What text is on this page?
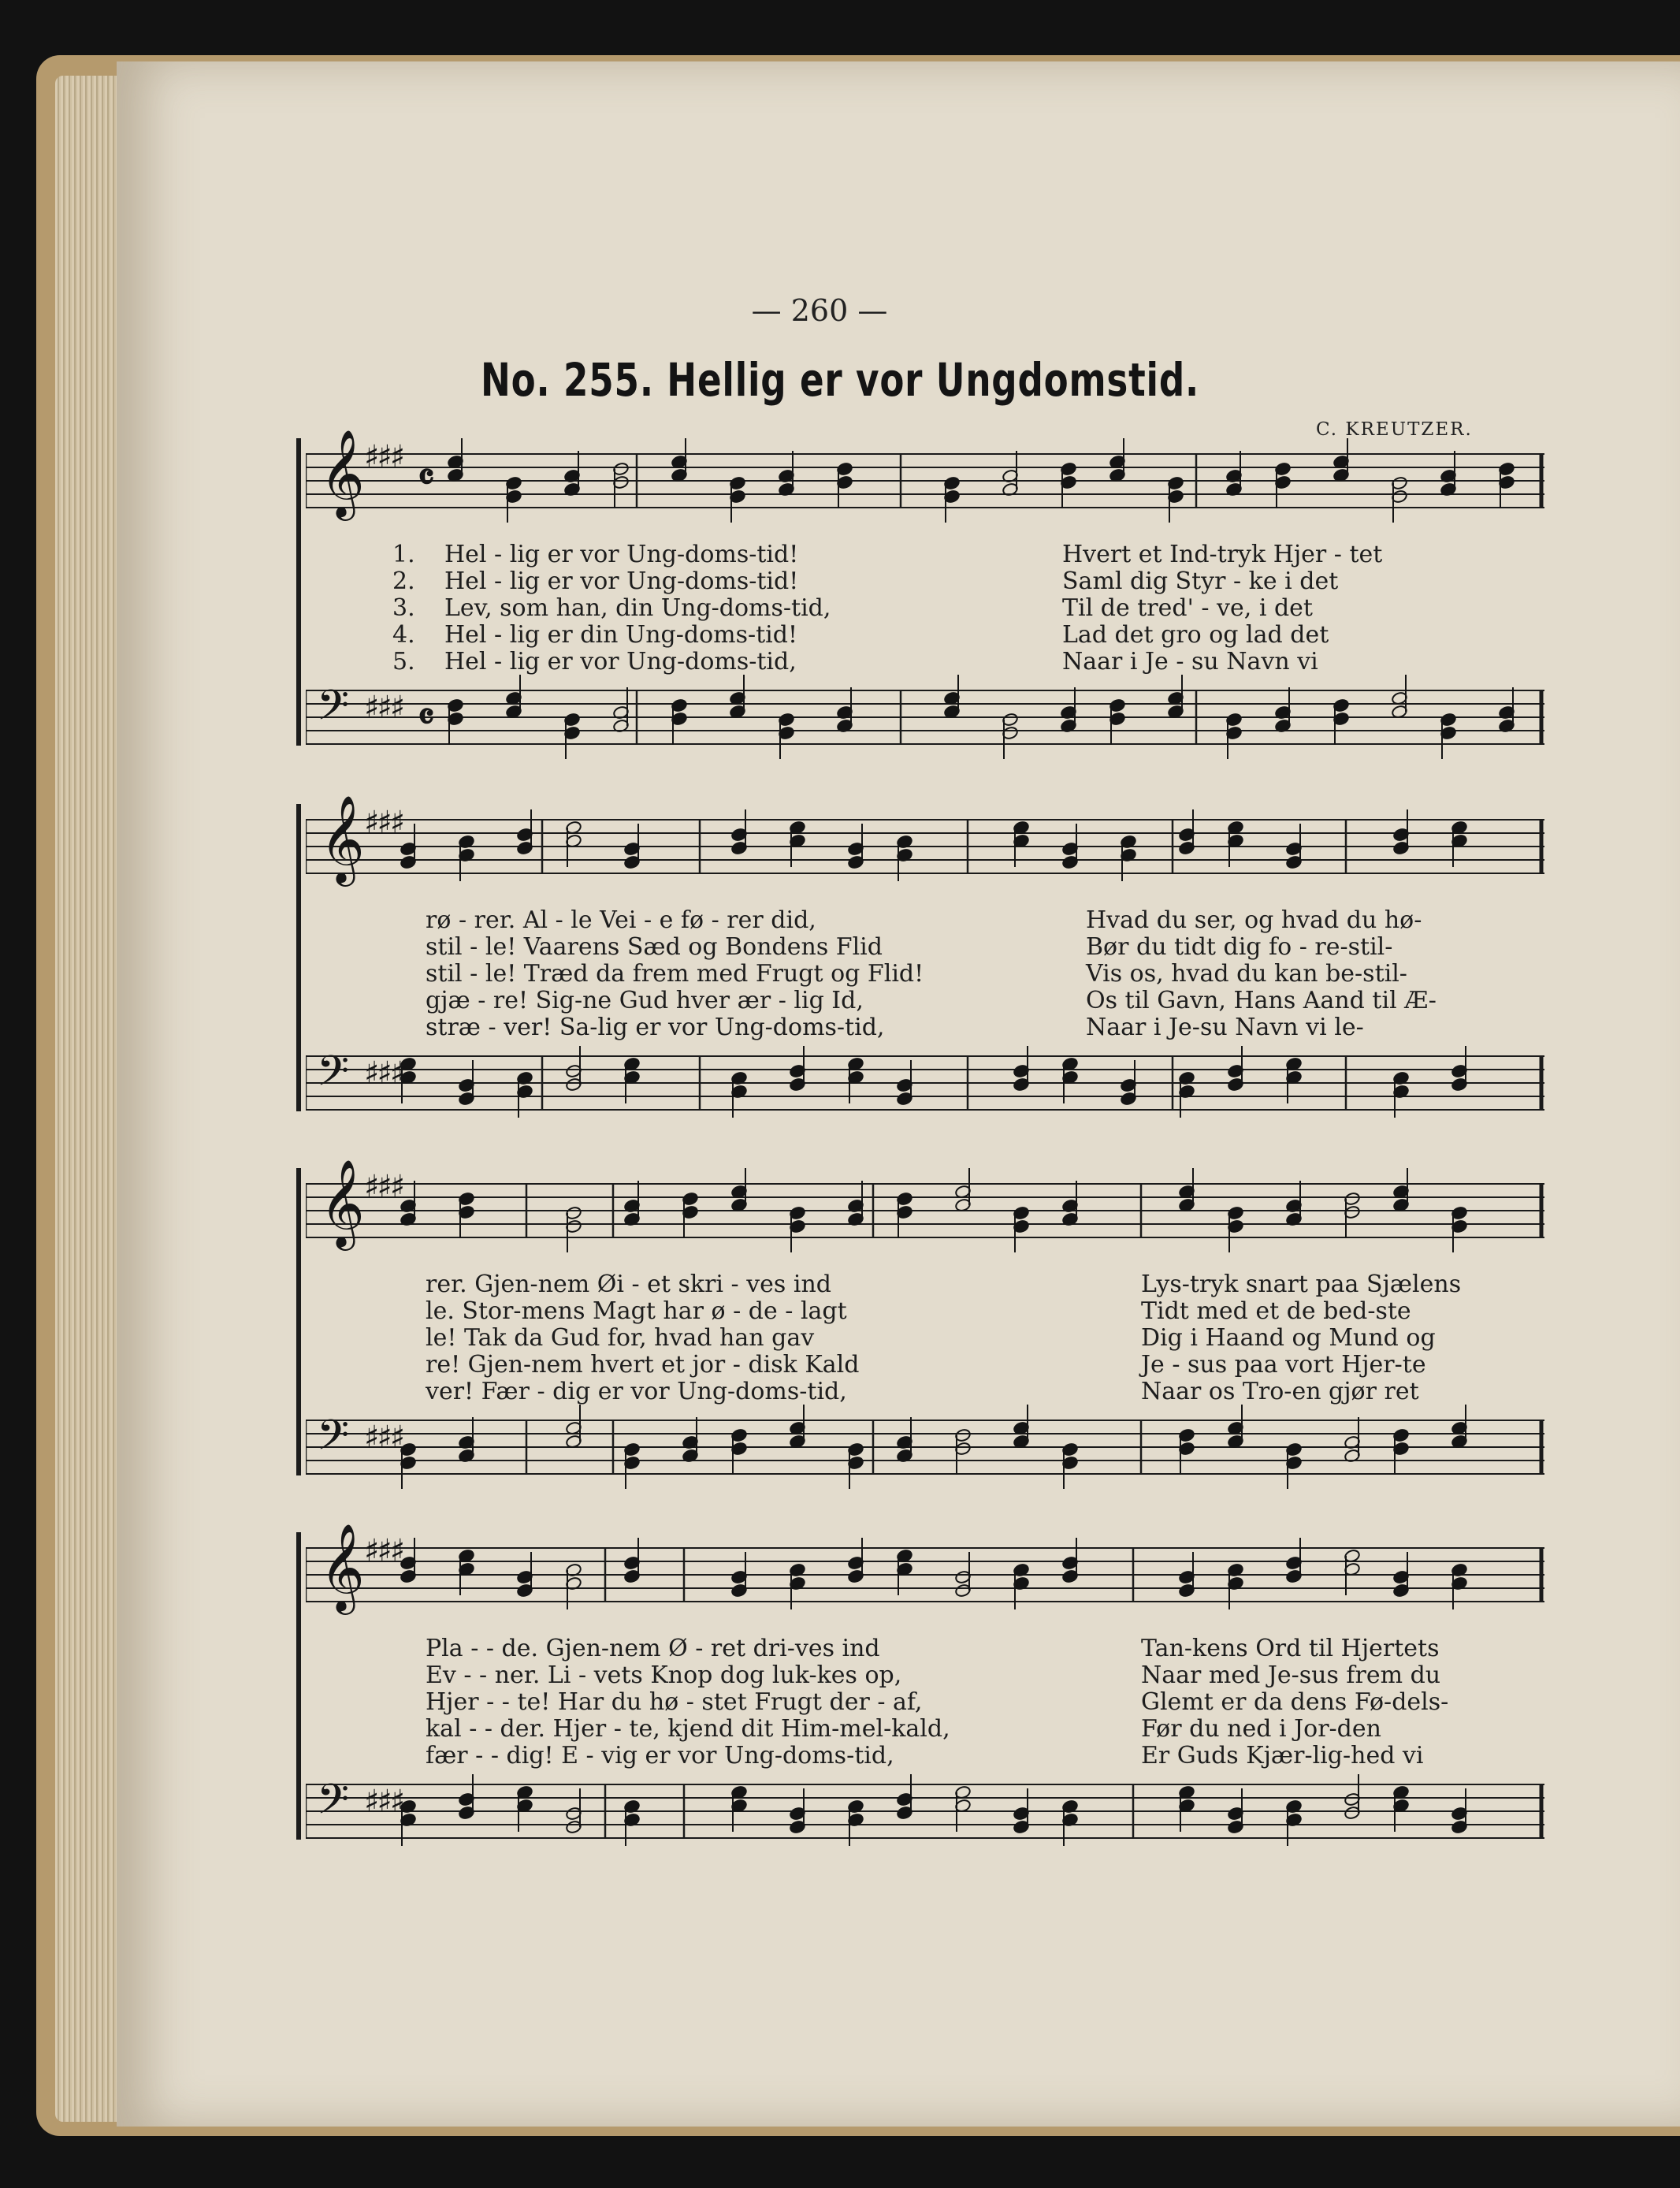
— 260 —
No. 255. Hellig er vor Ungdomstid.
C. KREUTZER.
𝄞 ♯♯♯ 𝄴
𝄢 ♯♯♯ 𝄴
1. Hel - lig er vor Ung-doms-tid!	Hvert et Ind-tryk Hjer - tet
2. Hel - lig er vor Ung-doms-tid!	Saml dig Styr - ke i det
3. Lev, som han, din Ung-doms-tid,	Til de tred' - ve, i det
4. Hel - lig er din Ung-doms-tid!	Lad det gro og lad det
5. Hel - lig er vor Ung-doms-tid,	Naar i Je - su Navn vi
𝄞 ♯♯♯
𝄢 ♯♯♯
rø - rer. Al - le Vei - e fø - rer did,	Hvad du ser, og hvad du hø-
stil - le! Vaarens Sæd og Bondens Flid	Bør du tidt dig fo - re-stil-
stil - le! Træd da frem med Frugt og Flid!	Vis os, hvad du kan be-stil-
gjæ - re! Sig-ne Gud hver ær - lig Id,	Os til Gavn, Hans Aand til Æ-
stræ - ver! Sa-lig er vor Ung-doms-tid,	Naar i Je-su Navn vi le-
𝄞 ♯♯♯
𝄢 ♯♯♯
rer. Gjen-nem Øi - et skri - ves ind	Lys-tryk snart paa Sjælens
le. Stor-mens Magt har ø - de - lagt	Tidt med et de bed-ste
le! Tak da Gud for, hvad han gav	Dig i Haand og Mund og
re! Gjen-nem hvert et jor - disk Kald	Je - sus paa vort Hjer-te
ver! Fær - dig er vor Ung-doms-tid,	Naar os Tro-en gjør ret
𝄞 ♯♯♯
𝄢 ♯♯♯
Pla - - de. Gjen-nem Ø - ret dri-ves ind	Tan-kens Ord til Hjertets
Ev - - ner. Li - vets Knop dog luk-kes op,	Naar med Je-sus frem du
Hjer - - te! Har du hø - stet Frugt der - af,	Glemt er da dens Fø-dels-
kal - - der. Hjer - te, kjend dit Him-mel-kald,	Før du ned i Jor-den
fær - - dig! E - vig er vor Ung-doms-tid,	Er Guds Kjær-lig-hed vi
